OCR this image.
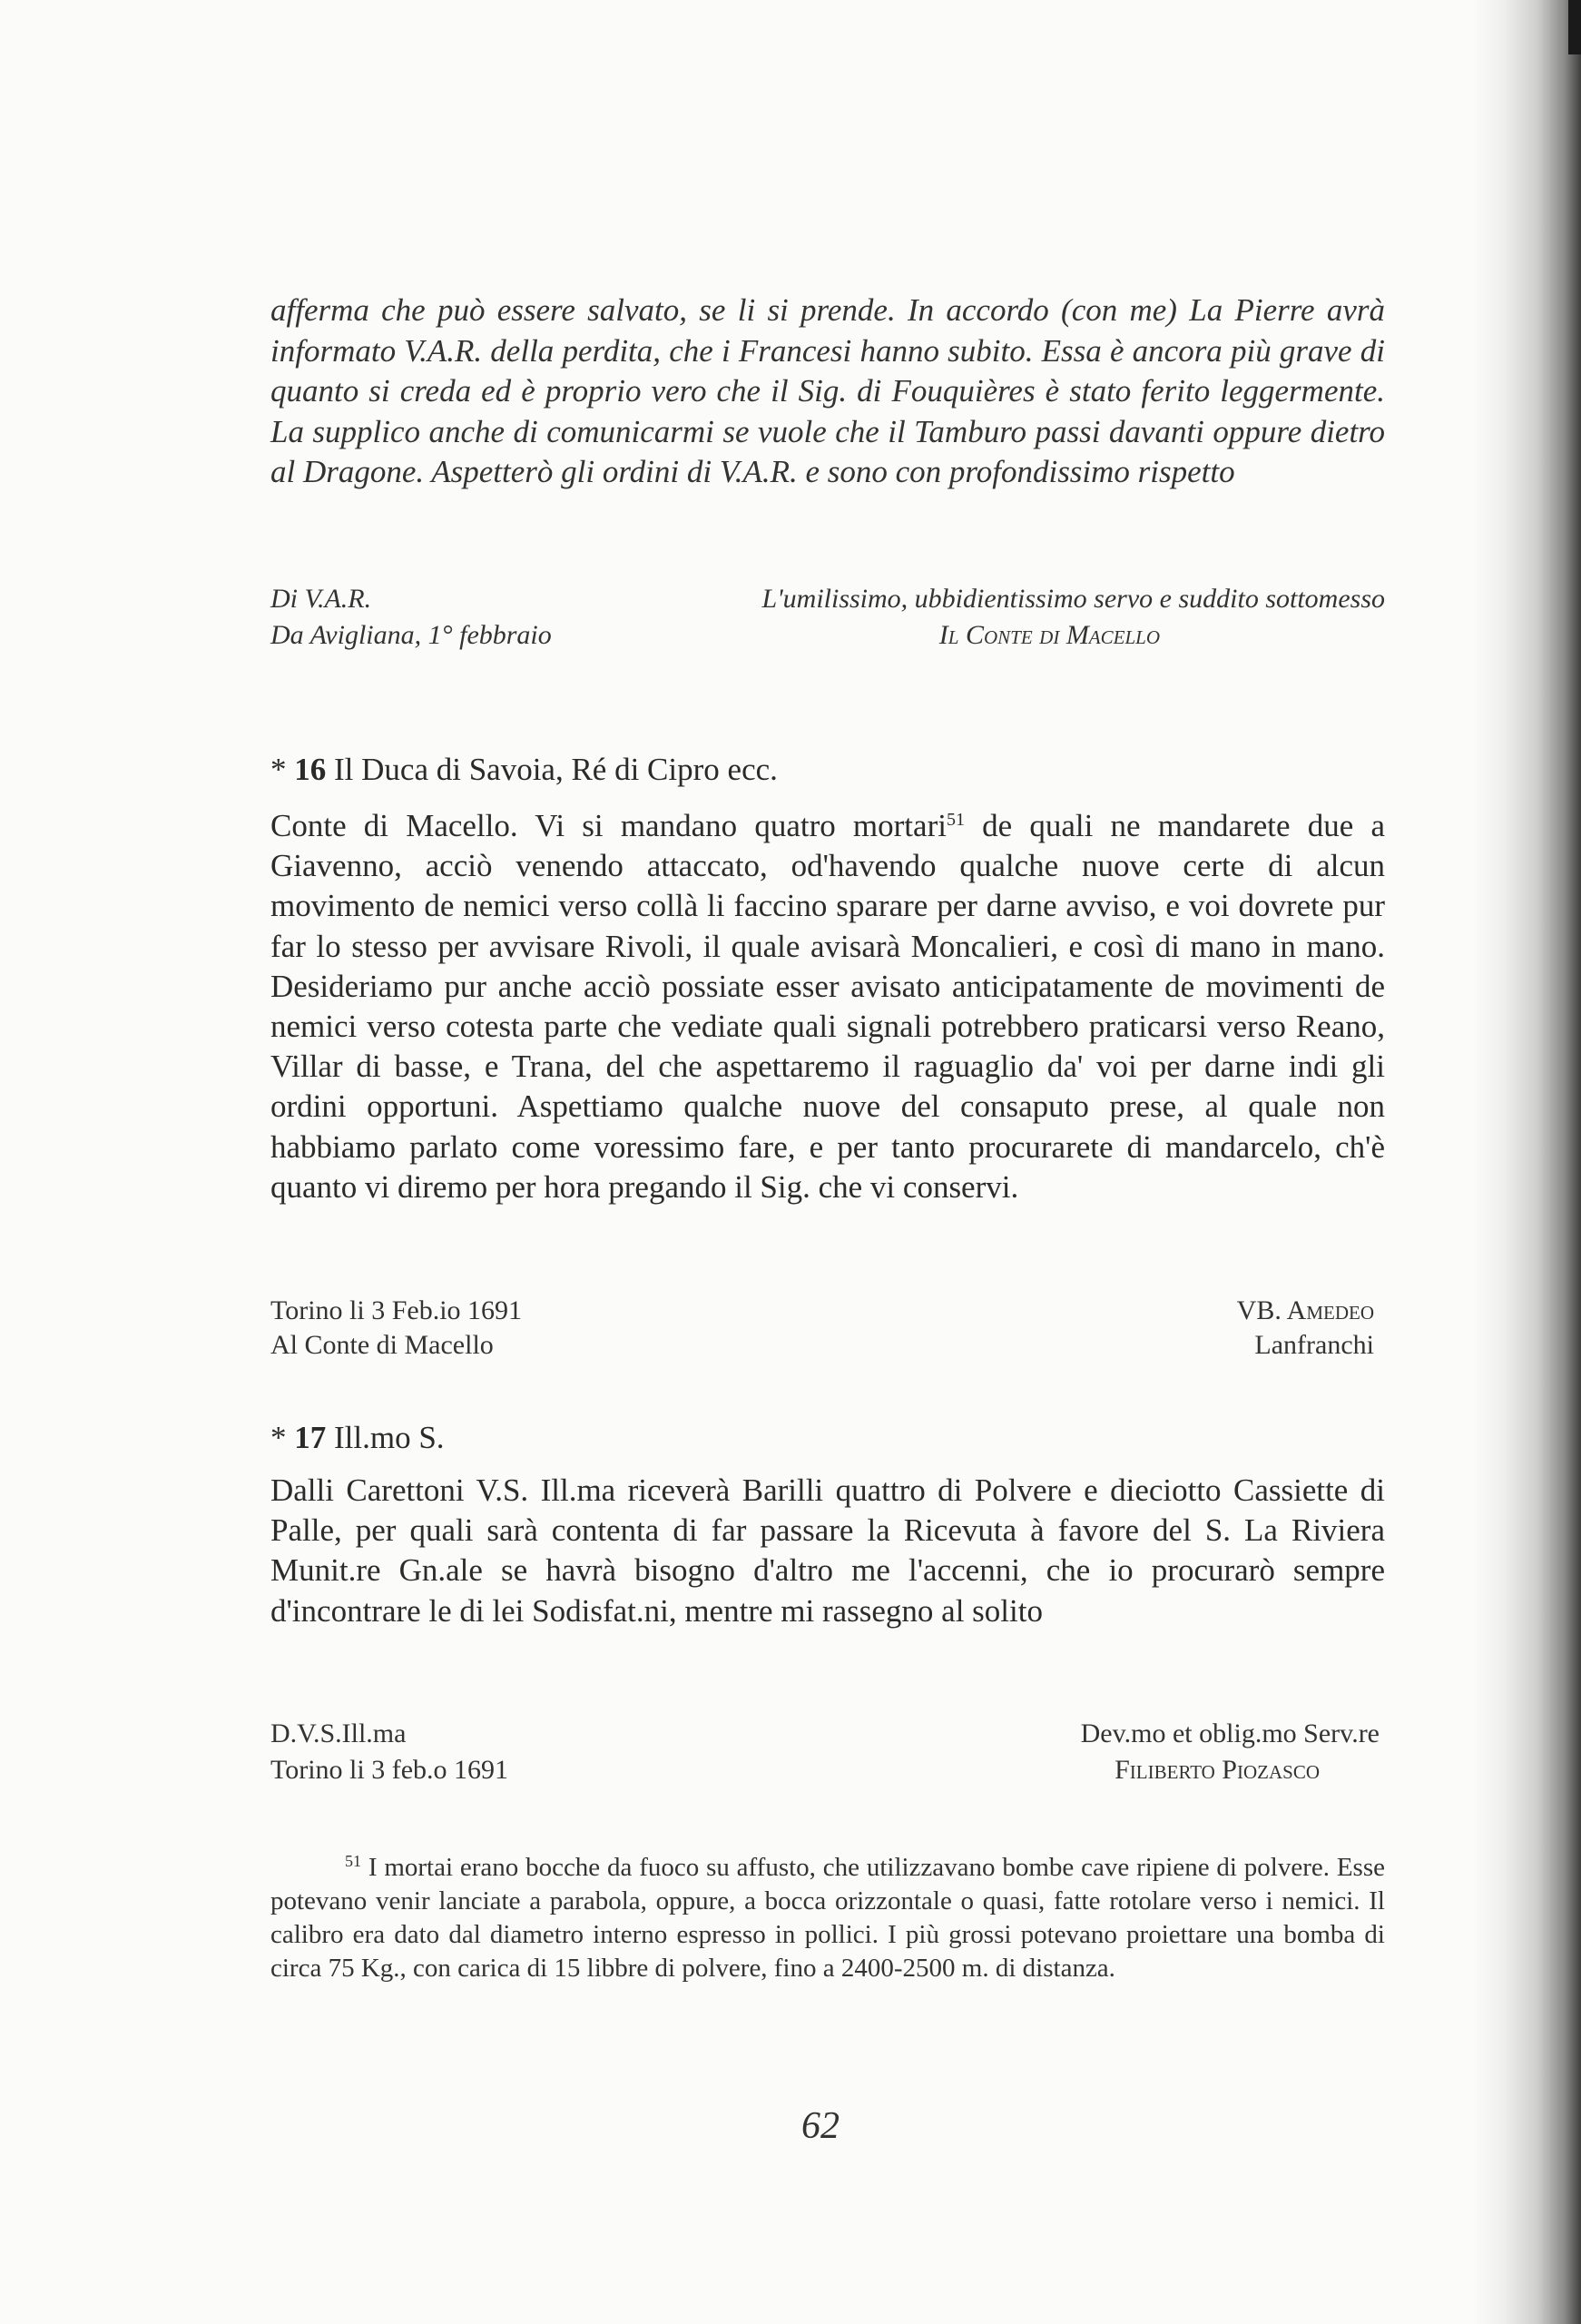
afferma che può essere salvato, se li si prende. In accordo (con me) La Pierre avrà informato V.A.R. della perdita, che i Francesi hanno subito. Essa è ancora più grave di quanto si creda ed è proprio vero che il Sig. di Fouquières è stato ferito leggermente. La supplico anche di comunicarmi se vuole che il Tamburo passi davanti oppure dietro al Dragone. Aspetterò gli ordini di V.A.R. e sono con profondissimo rispetto

Di V.A.R.	L'umilissimo, ubbidientissimo servo e suddito sottomesso
Da Avigliana, 1° febbraio	Il Conte di Macello
* 16 Il Duca di Savoia, Ré di Cipro ecc.

Conte di Macello. Vi si mandano quatro mortari$^{51}$ de quali ne mandarete due a Giavenno, acciò venendo attaccato, od'havendo qualche nuove certe di alcun movimento de nemici verso collà li faccino sparare per darne avviso, e voi dovrete pur far lo stesso per avvisare Rivoli, il quale avisarà Moncalieri, e così di mano in mano. Desideriamo pur anche acciò possiate esser avisato anticipatamente de movimenti de nemici verso cotesta parte che vediate quali signali potrebbero praticarsi verso Reano, Villar di basse, e Trana, del che aspettaremo il raguaglio da' voi per darne indi gli ordini opportuni. Aspettiamo qualche nuove del consaputo prese, al quale non habbiamo parlato come voressimo fare, e per tanto procurarete di mandarcelo, ch'è quanto vi diremo per hora pregando il Sig. che vi conservi.

Torino li 3 Feb.io 1691	VB. Amedeo
Al Conte di Macello	Lanfranchi
* 17 Ill.mo S.

Dalli Carettoni V.S. Ill.ma riceverà Barilli quattro di Polvere e dieciotto Cassiette di Palle, per quali sarà contenta di far passare la Ricevuta à favore del S. La Riviera Munit.re Gn.ale se havrà bisogno d'altro me l'accenni, che io procurarò sempre d'incontrare le di lei Sodisfat.ni, mentre mi rassegno al solito

D.V.S.Ill.ma	Dev.mo et oblig.mo Serv.re
Torino li 3 feb.o 1691	Filiberto Piozasco

$^{51}$ I mortai erano bocche da fuoco su affusto, che utilizzavano bombe cave ripiene di polvere. Esse potevano venir lanciate a parabola, oppure, a bocca orizzontale o quasi, fatte rotolare verso i nemici. Il calibro era dato dal diametro interno espresso in pollici. I più grossi potevano proiettare una bomba di circa 75 Kg., con carica di 15 libbre di polvere, fino a 2400-2500 m. di distanza.

62
